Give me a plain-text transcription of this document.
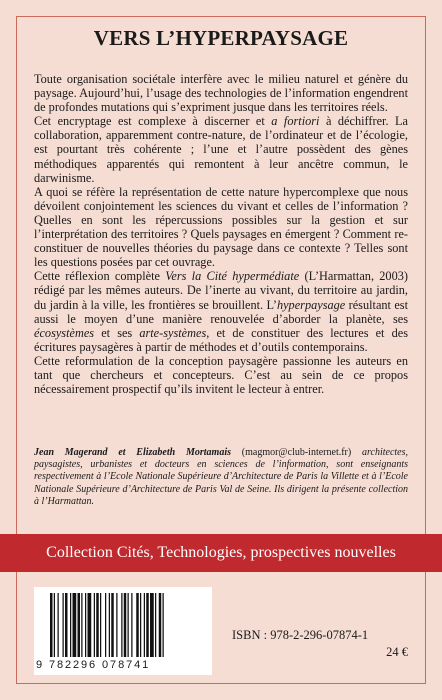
VERS L’HYPERPAYSAGE

Toute organisation sociétale interfère avec le milieu naturel et génère du paysage. Aujourd’hui, l’usage des technologies de l’information engendrent de profondes mutations qui s’expriment jusque dans les territoires réels.

Cet encryptage est complexe à discerner et a fortiori à déchiffrer. La collaboration, apparemment contre-nature, de l’ordinateur et de l’écologie, est pourtant très cohérente ; l’une et l’autre possèdent des gènes méthodiques apparentés qui remontent à leur ancêtre commun, le darwinisme.

A quoi se réfère la représentation de cette nature hypercomplexe que nous dévoilent conjointement les sciences du vivant et celles de l’information ? Quelles en sont les répercussions possibles sur la gestion et sur l’interprétation des territoires ? Quels paysages en émergent ? Comment re-constituer de nouvelles théories du paysage dans ce contexte ? Telles sont les questions posées par cet ouvrage.

Cette réflexion complète Vers la Cité hypermédiate (L’Harmattan, 2003) rédigé par les mêmes auteurs. De l’inerte au vivant, du territoire au jardin, du jardin à la ville, les frontières se brouillent. L’hyperpaysage résultant est aussi le moyen d’une manière renouvelée d’aborder la planète, ses écosystèmes et ses arte-systèmes, et de constituer des lectures et des écritures paysagères à partir de méthodes et d’outils contemporains.

Cette reformulation de la conception paysagère passionne les auteurs en tant que chercheurs et concepteurs. C’est au sein de ce propos nécessairement prospectif qu’ils invitent le lecteur à entrer.

Jean Magerand et Elizabeth Mortamais (magmor@club-internet.fr) architectes, paysagistes, urbanistes et docteurs en sciences de l’information, sont enseignants respectivement à l’Ecole Nationale Supérieure d’Architecture de Paris la Villette et à l’Ecole Nationale Supérieure d’Architecture de Paris Val de Seine. Ils dirigent la présente collection à l’Harmattan.
Collection Cités, Technologies, prospectives nouvelles
9 782296 078741
ISBN : 978-2-296-07874-1
24 €
